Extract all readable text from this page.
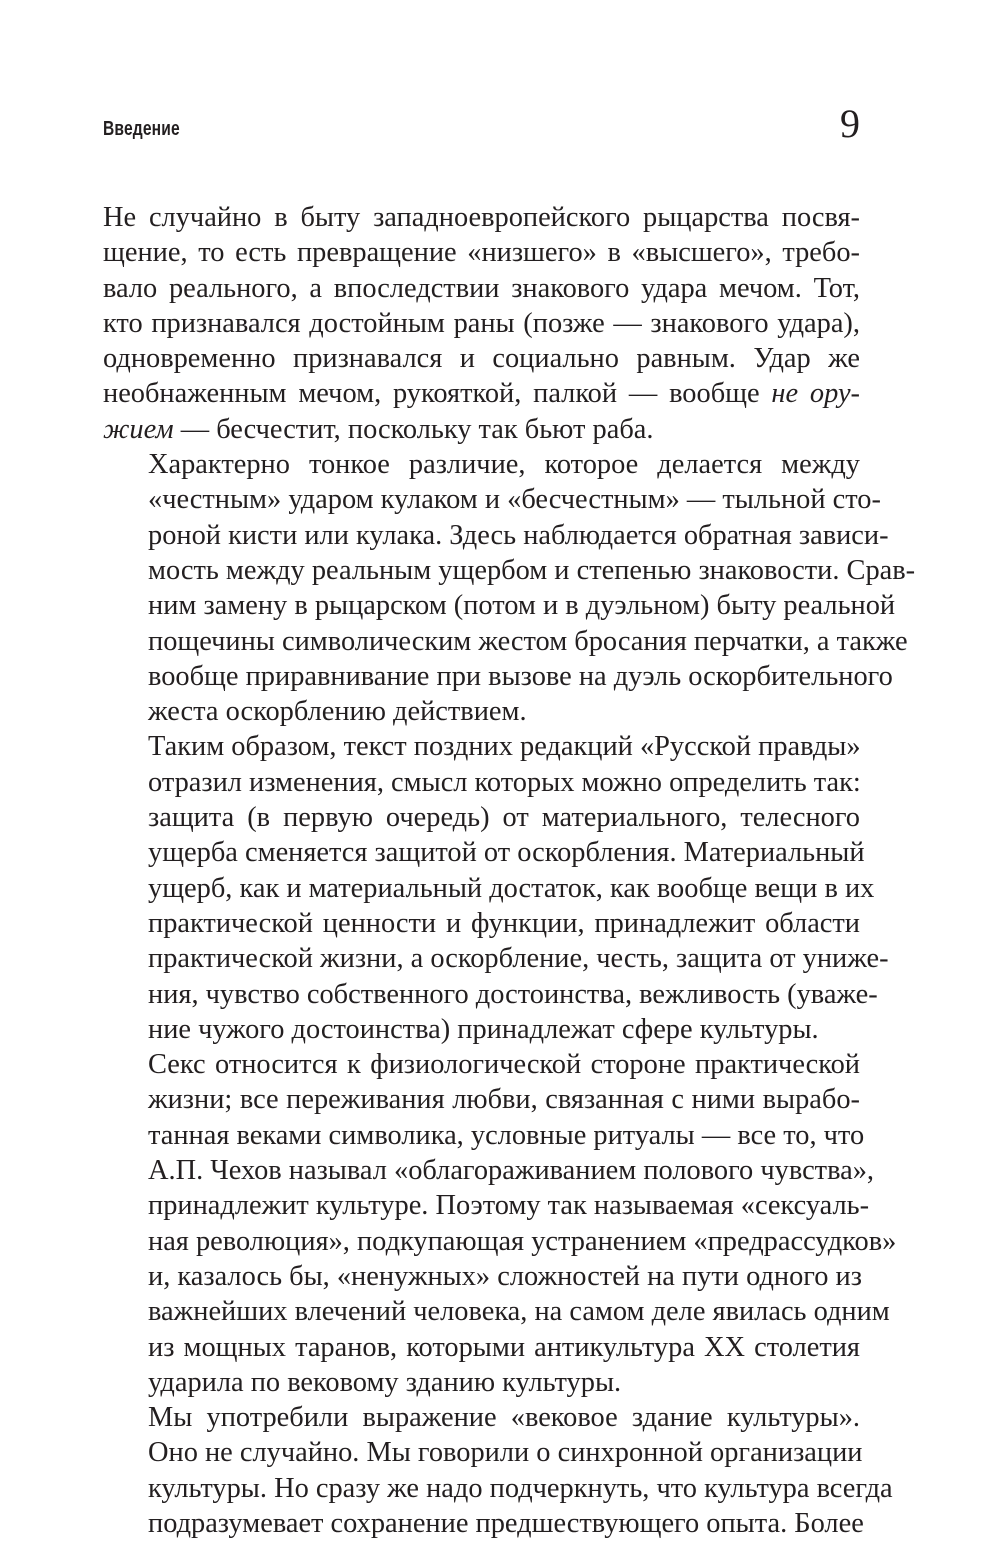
Введение	9

Не случайно в быту западноевропейского рыцарства посвя-
щение, то есть превращение «низшего» в «высшего», требо-
вало реального, а впоследствии знакового удара мечом. Тот,
кто признавался достойным раны (позже — знакового удара),
одновременно признавался и социально равным. Удар же
необнаженным мечом, рукояткой, палкой — вообще не ору-
жием — бесчестит, поскольку так бьют раба.

Характерно тонкое различие, которое делается между
«честным» ударом кулаком и «бесчестным» — тыльной сто-
роной кисти или кулака. Здесь наблюдается обратная зависи-
мость между реальным ущербом и степенью знаковости. Срав-
ним замену в рыцарском (потом и в дуэльном) быту реальной
пощечины символическим жестом бросания перчатки, а также
вообще приравнивание при вызове на дуэль оскорбительного
жеста оскорблению действием.

Таким образом, текст поздних редакций «Русской правды»
отразил изменения, смысл которых можно определить так:
защита (в первую очередь) от материального, телесного
ущерба сменяется защитой от оскорбления. Материальный
ущерб, как и материальный достаток, как вообще вещи в их
практической ценности и функции, принадлежит области
практической жизни, а оскорбление, честь, защита от униже-
ния, чувство собственного достоинства, вежливость (уваже-
ние чужого достоинства) принадлежат сфере культуры.

Секс относится к физиологической стороне практической
жизни; все переживания любви, связанная с ними вырабо-
танная веками символика, условные ритуалы — все то, что
А.П. Чехов называл «облагораживанием полового чувства»,
принадлежит культуре. Поэтому так называемая «сексуаль-
ная революция», подкупающая устранением «предрассудков»
и, казалось бы, «ненужных» сложностей на пути одного из
важнейших влечений человека, на самом деле явилась одним
из мощных таранов, которыми антикультура XX столетия
ударила по вековому зданию культуры.

Мы употребили выражение «вековое здание культуры».
Оно не случайно. Мы говорили о синхронной организации
культуры. Но сразу же надо подчеркнуть, что культура всегда
подразумевает сохранение предшествующего опыта. Более
